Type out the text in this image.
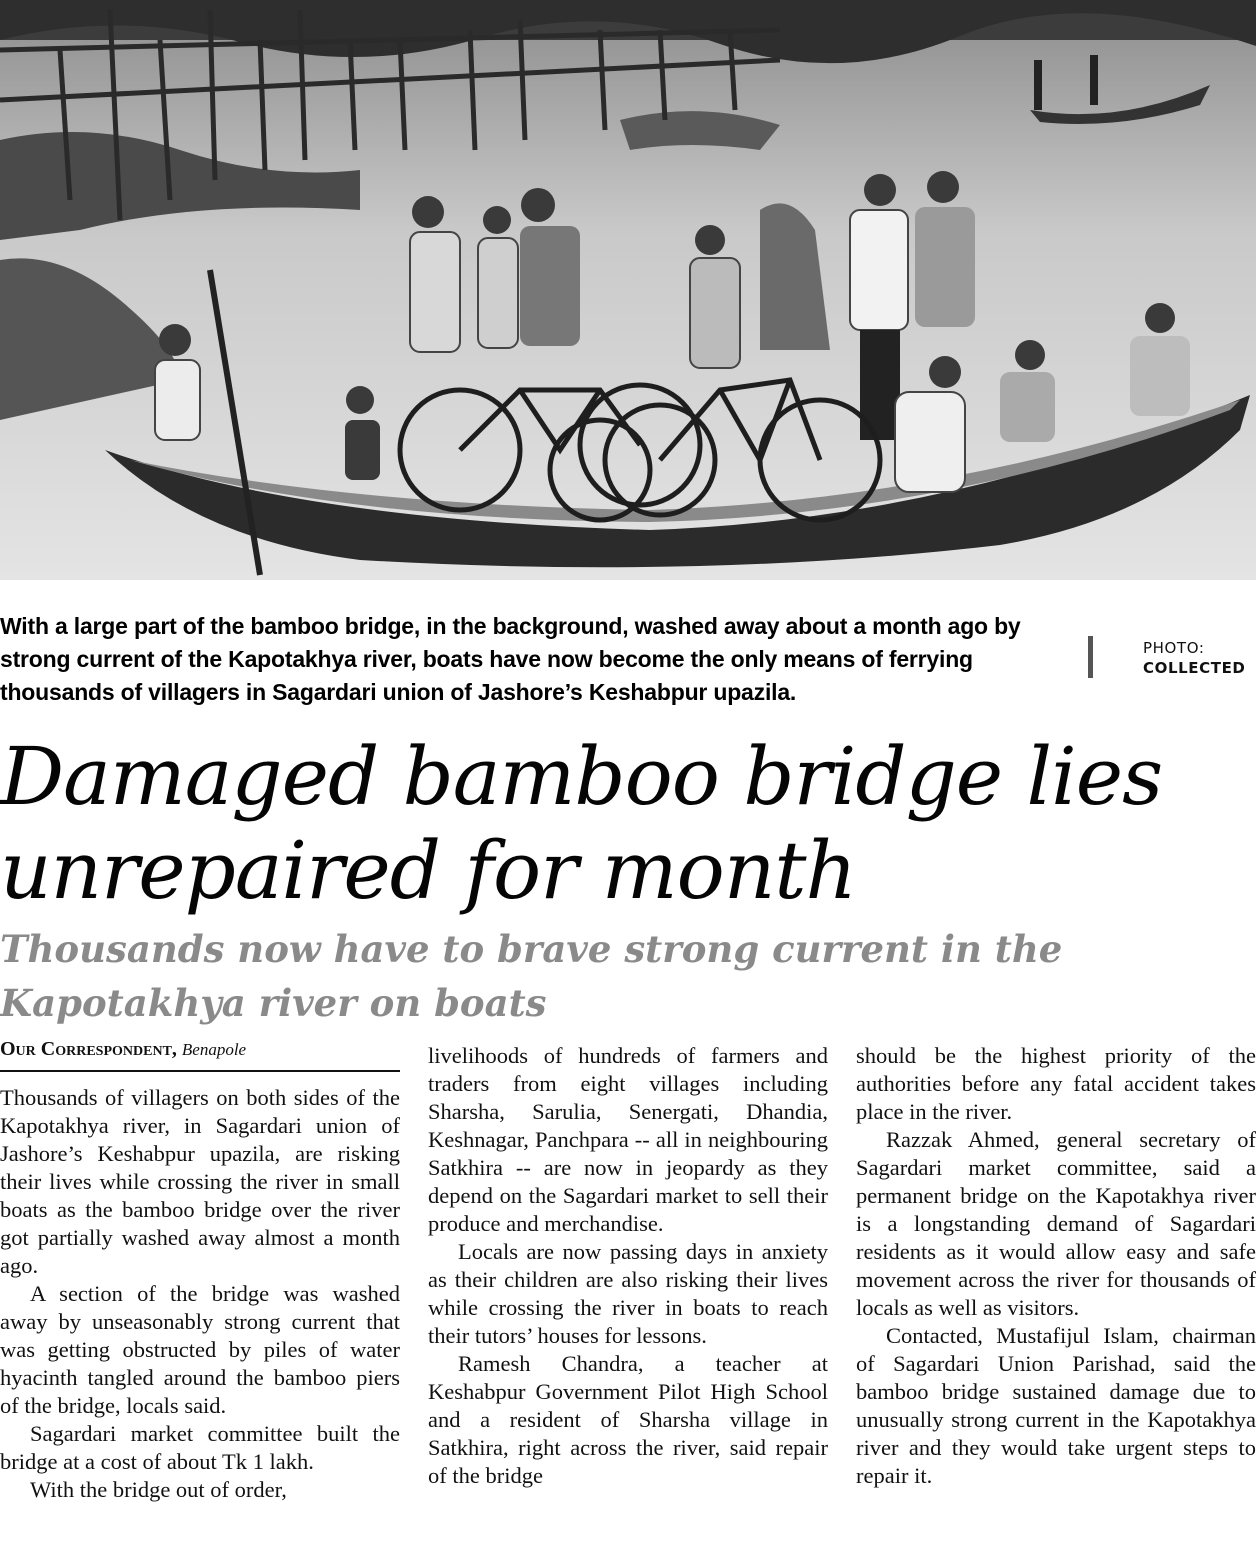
With a large part of the bamboo bridge, in the background, washed away about a month ago by strong current of the Kapotakhya river, boats have now become the only means of ferrying thousands of villagers in Sagardari union of Jashore’s Keshabpur upazila.
PHOTO:
COLLECTED
Damaged bamboo bridge lies unrepaired for month
Thousands now have to brave strong current in the Kapotakhya river on boats
Our Correspondent, Benapole

Thousands of villagers on both sides of the Kapotakhya river, in Sagardari union of Jashore’s Keshabpur upazila, are risking their lives while crossing the river in small boats as the bamboo bridge over the river got partially washed away almost a month ago.

A section of the bridge was washed away by unseasonably strong current that was getting obstructed by piles of water hyacinth tangled around the bamboo piers of the bridge, locals said.

Sagardari market committee built the bridge at a cost of about Tk 1 lakh.

With the bridge out of order,

livelihoods of hundreds of farmers and traders from eight villages including Sharsha, Sarulia, Senergati, Dhandia, Keshnagar, Panchpara -- all in neighbouring Satkhira -- are now in jeopardy as they depend on the Sagardari market to sell their produce and merchandise.

Locals are now passing days in anxiety as their children are also risking their lives while crossing the river in boats to reach their tutors’ houses for lessons.

Ramesh Chandra, a teacher at Keshabpur Government Pilot High School and a resident of Sharsha village in Satkhira, right across the river, said repair of the bridge

should be the highest priority of the authorities before any fatal accident takes place in the river.

Razzak Ahmed, general secretary of Sagardari market committee, said a permanent bridge on the Kapotakhya river is a longstanding demand of Sagardari residents as it would allow easy and safe movement across the river for thousands of locals as well as visitors.

Contacted, Mustafijul Islam, chairman of Sagardari Union Parishad, said the bamboo bridge sustained damage due to unusually strong current in the Kapotakhya river and they would take urgent steps to repair it.
